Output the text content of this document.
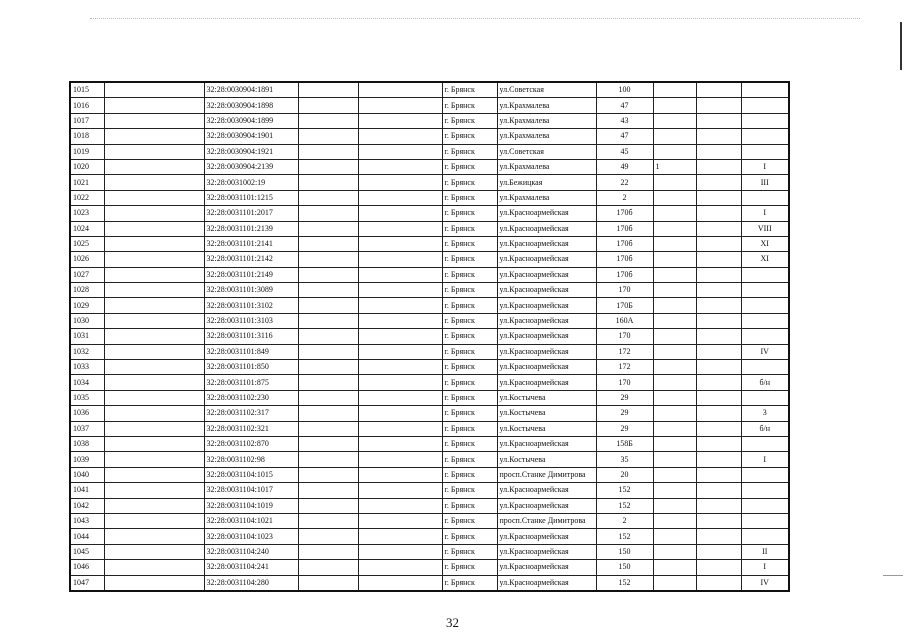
1015		32:28:0030904:1891			г. Брянск	ул.Советская	100			
1016		32:28:0030904:1898			г. Брянск	ул.Крахмалева	47			
1017		32:28:0030904:1899			г. Брянск	ул.Крахмалева	43			
1018		32:28:0030904:1901			г. Брянск	ул.Крахмалева	47			
1019		32:28:0030904:1921			г. Брянск	ул.Советская	45			
1020		32:28:0030904:2139			г. Брянск	ул.Крахмалева	49	1		I
1021		32:28:0031002:19			г. Брянск	ул.Бежицкая	22			III
1022		32:28:0031101:1215			г. Брянск	ул.Крахмалева	2			
1023		32:28:0031101:2017			г. Брянск	ул.Красноармейская	170б			I
1024		32:28:0031101:2139			г. Брянск	ул.Красноармейская	170б			VIII
1025		32:28:0031101:2141			г. Брянск	ул.Красноармейская	170б			XI
1026		32:28:0031101:2142			г. Брянск	ул.Красноармейская	170б			XI
1027		32:28:0031101:2149			г. Брянск	ул.Красноармейская	170б			
1028		32:28:0031101:3089			г. Брянск	ул.Красноармейская	170			
1029		32:28:0031101:3102			г. Брянск	ул.Красноармейская	170Б			
1030		32:28:0031101:3103			г. Брянск	ул.Красноармейская	160А			
1031		32:28:0031101:3116			г. Брянск	ул.Красноармейская	170			
1032		32:28:0031101:849			г. Брянск	ул.Красноармейская	172			IV
1033		32:28:0031101:850			г. Брянск	ул.Красноармейская	172			
1034		32:28:0031101:875			г. Брянск	ул.Красноармейская	170			б/н
1035		32:28:0031102:230			г. Брянск	ул.Костычева	29			
1036		32:28:0031102:317			г. Брянск	ул.Костычева	29			3
1037		32:28:0031102:321			г. Брянск	ул.Костычева	29			б/н
1038		32:28:0031102:870			г. Брянск	ул.Красноармейская	158Б			
1039		32:28:0031102:98			г. Брянск	ул.Костычева	35			I
1040		32:28:0031104:1015			г. Брянск	просп.Станке Димитрова	20			
1041		32:28:0031104:1017			г. Брянск	ул.Красноармейская	152			
1042		32:28:0031104:1019			г. Брянск	ул.Красноармейская	152			
1043		32:28:0031104:1021			г. Брянск	просп.Станке Димитрова	2			
1044		32:28:0031104:1023			г. Брянск	ул.Красноармейская	152			
1045		32:28:0031104:240			г. Брянск	ул.Красноармейская	150			II
1046		32:28:0031104:241			г. Брянск	ул.Красноармейская	150			I
1047		32:28:0031104:280			г. Брянск	ул.Красноармейская	152			IV
32
